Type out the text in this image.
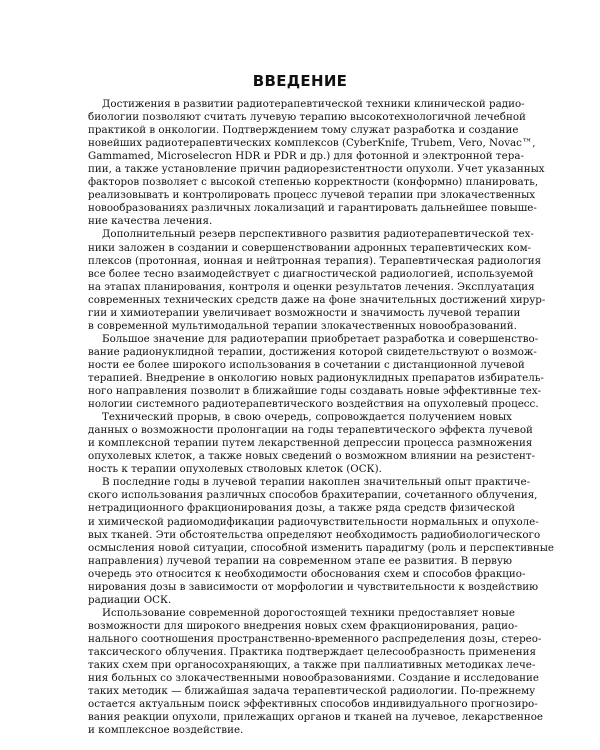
ВВЕДЕНИЕ

Достижения в развитии радиотерапевтической техники клинической радио-
биологии позволяют считать лучевую терапию высокотехнологичной лечебной
практикой в онкологии. Подтверждением тому служат разработка и создание
новейших радиотерапевтических комплексов (CyberKnife, Trubem, Vero, Novac™,
Gammamed, Microselecron HDR и PDR и др.) для фотонной и электронной тера-
пии, а также установление причин радиорезистентности опухоли. Учет указанных
факторов позволяет с высокой степенью корректности (конформно) планировать,
реализовывать и контролировать процесс лучевой терапии при злокачественных
новообразованиях различных локализаций и гарантировать дальнейшее повыше-
ние качества лечения.

Дополнительный резерв перспективного развития радиотерапевтической тех-
ники заложен в создании и совершенствовании адронных терапевтических ком-
плексов (протонная, ионная и нейтронная терапия). Терапевтическая радиология
все более тесно взаимодействует с диагностической радиологией, используемой
на этапах планирования, контроля и оценки результатов лечения. Эксплуатация
современных технических средств даже на фоне значительных достижений хирур-
гии и химиотерапии увеличивает возможности и значимость лучевой терапии
в современной мультимодальной терапии злокачественных новообразований.

Большое значение для радиотерапии приобретает разработка и совершенство-
вание радионуклидной терапии, достижения которой свидетельствуют о возмож-
ности ее более широкого использования в сочетании с дистанционной лучевой
терапией. Внедрение в онкологию новых радионуклидных препаратов избиратель-
ного направления позволит в ближайшие годы создавать новые эффективные тех-
нологии системного радиотерапевтического воздействия на опухолевый процесс.

Технический прорыв, в свою очередь, сопровождается получением новых
данных о возможности пролонгации на годы терапевтического эффекта лучевой
и комплексной терапии путем лекарственной депрессии процесса размножения
опухолевых клеток, а также новых сведений о возможном влиянии на резистент-
ность к терапии опухолевых стволовых клеток (ОСК).

В последние годы в лучевой терапии накоплен значительный опыт практиче-
ского использования различных способов брахитерапии, сочетанного облучения,
нетрадиционного фракционирования дозы, а также ряда средств физической
и химической радиомодификации радиочувствительности нормальных и опухоле-
вых тканей. Эти обстоятельства определяют необходимость радиобиологического
осмысления новой ситуации, способной изменить парадигму (роль и перспективные
направления) лучевой терапии на современном этапе ее развития. В первую
очередь это относится к необходимости обоснования схем и способов фракцио-
нирования дозы в зависимости от морфологии и чувствительности к воздействию
радиации ОСК.

Использование современной дорогостоящей техники предоставляет новые
возможности для широкого внедрения новых схем фракционирования, рацио-
нального соотношения пространственно-временного распределения дозы, стерео-
таксического облучения. Практика подтверждает целесообразность применения
таких схем при органосохраняющих, а также при паллиативных методиках лече-
ния больных со злокачественными новообразованиями. Создание и исследование
таких методик — ближайшая задача терапевтической радиологии. По-прежнему
остается актуальным поиск эффективных способов индивидуального прогнозиро-
вания реакции опухоли, прилежащих органов и тканей на лучевое, лекарственное
и комплексное воздействие.
